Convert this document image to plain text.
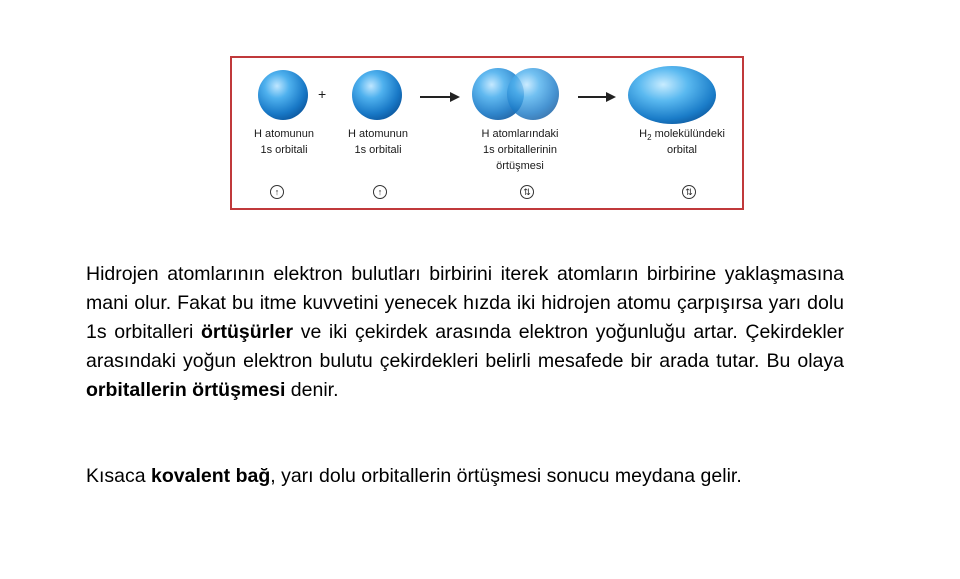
+
H atomunun
1s orbitali
H atomunun
1s orbitali
H atomlarındaki
1s orbitallerinin
örtüşmesi
$H_2$ molekülündeki
orbital
↑	↑	⇅	⇅

Hidrojen atomlarının elektron bulutları birbirini iterek atomların birbirine yaklaşmasına mani olur. Fakat bu itme kuvvetini yenecek hızda iki hidrojen atomu çarpışırsa yarı dolu 1s orbitalleri örtüşürler ve iki çekirdek arasında elektron yoğunluğu artar. Çekirdekler arasındaki yoğun elektron bulutu çekirdekleri belirli mesafede bir arada tutar. Bu olaya orbitallerin örtüşmesi denir.

Kısaca kovalent bağ, yarı dolu orbitallerin örtüşmesi sonucu meydana gelir.
